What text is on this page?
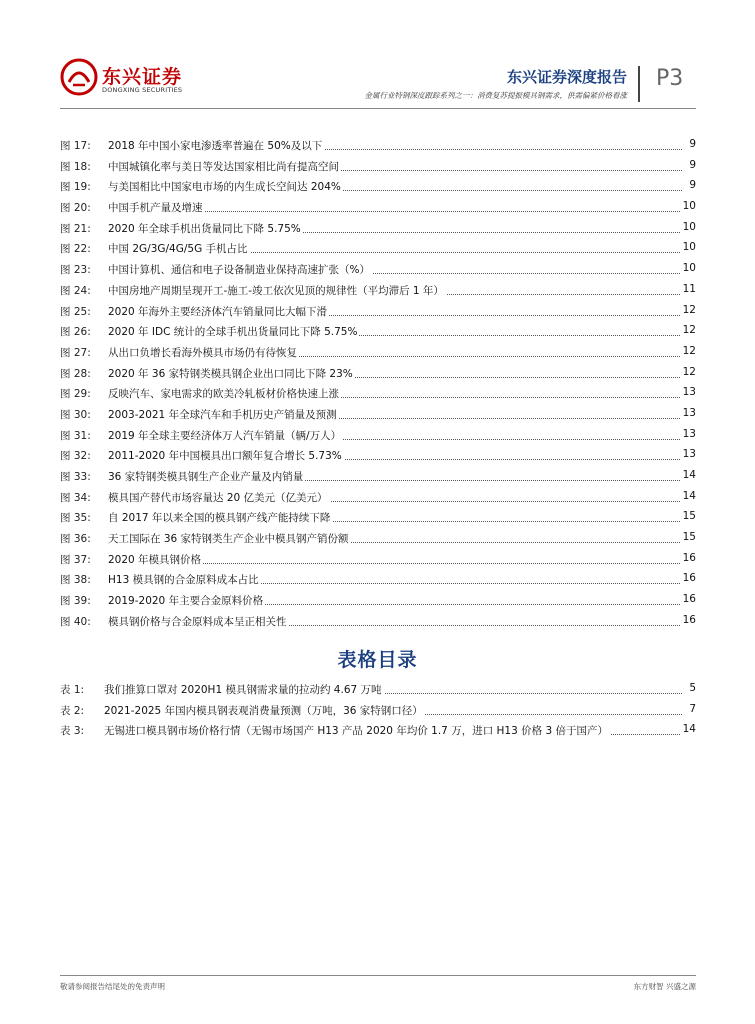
东兴证券
DONGXING SECURITIES
东兴证券深度报告
金属行业特钢深度跟踪系列之一：消费复苏提振模具钢需求，供需偏紧价格看涨
P3
图 17: 2018 年中国小家电渗透率普遍在 50%及以下	9
图 18: 中国城镇化率与美日等发达国家相比尚有提高空间	9
图 19: 与美国相比中国家电市场的内生成长空间达 204%	9
图 20: 中国手机产量及增速	10
图 21: 2020 年全球手机出货量同比下降 5.75%	10
图 22: 中国 2G/3G/4G/5G 手机占比	10
图 23: 中国计算机、通信和电子设备制造业保持高速扩张（%）	10
图 24: 中国房地产周期呈现开工-施工-竣工依次见顶的规律性（平均滞后 1 年）	11
图 25: 2020 年海外主要经济体汽车销量同比大幅下滑	12
图 26: 2020 年 IDC 统计的全球手机出货量同比下降 5.75%	12
图 27: 从出口负增长看海外模具市场仍有待恢复	12
图 28: 2020 年 36 家特钢类模具钢企业出口同比下降 23%	12
图 29: 反映汽车、家电需求的欧美冷轧板材价格快速上涨	13
图 30: 2003-2021 年全球汽车和手机历史产销量及预测	13
图 31: 2019 年全球主要经济体万人汽车销量（辆/万人）	13
图 32: 2011-2020 年中国模具出口额年复合增长 5.73%	13
图 33: 36 家特钢类模具钢生产企业产量及内销量	14
图 34: 模具国产替代市场容量达 20 亿美元（亿美元）	14
图 35: 自 2017 年以来全国的模具钢产线产能持续下降	15
图 36: 天工国际在 36 家特钢类生产企业中模具钢产销份额	15
图 37: 2020 年模具钢价格	16
图 38: H13 模具钢的合金原料成本占比	16
图 39: 2019-2020 年主要合金原料价格	16
图 40: 模具钢价格与合金原料成本呈正相关性	16
表格目录
表 1: 我们推算口罩对 2020H1 模具钢需求量的拉动约 4.67 万吨	5
表 2: 2021-2025 年国内模具钢表观消费量预测（万吨，36 家特钢口径）	7
表 3: 无锡进口模具钢市场价格行情（无锡市场国产 H13 产品 2020 年均价 1.7 万，进口 H13 价格 3 倍于国产）	14
敬请参阅报告结尾处的免责声明	东方财智 兴盛之源
